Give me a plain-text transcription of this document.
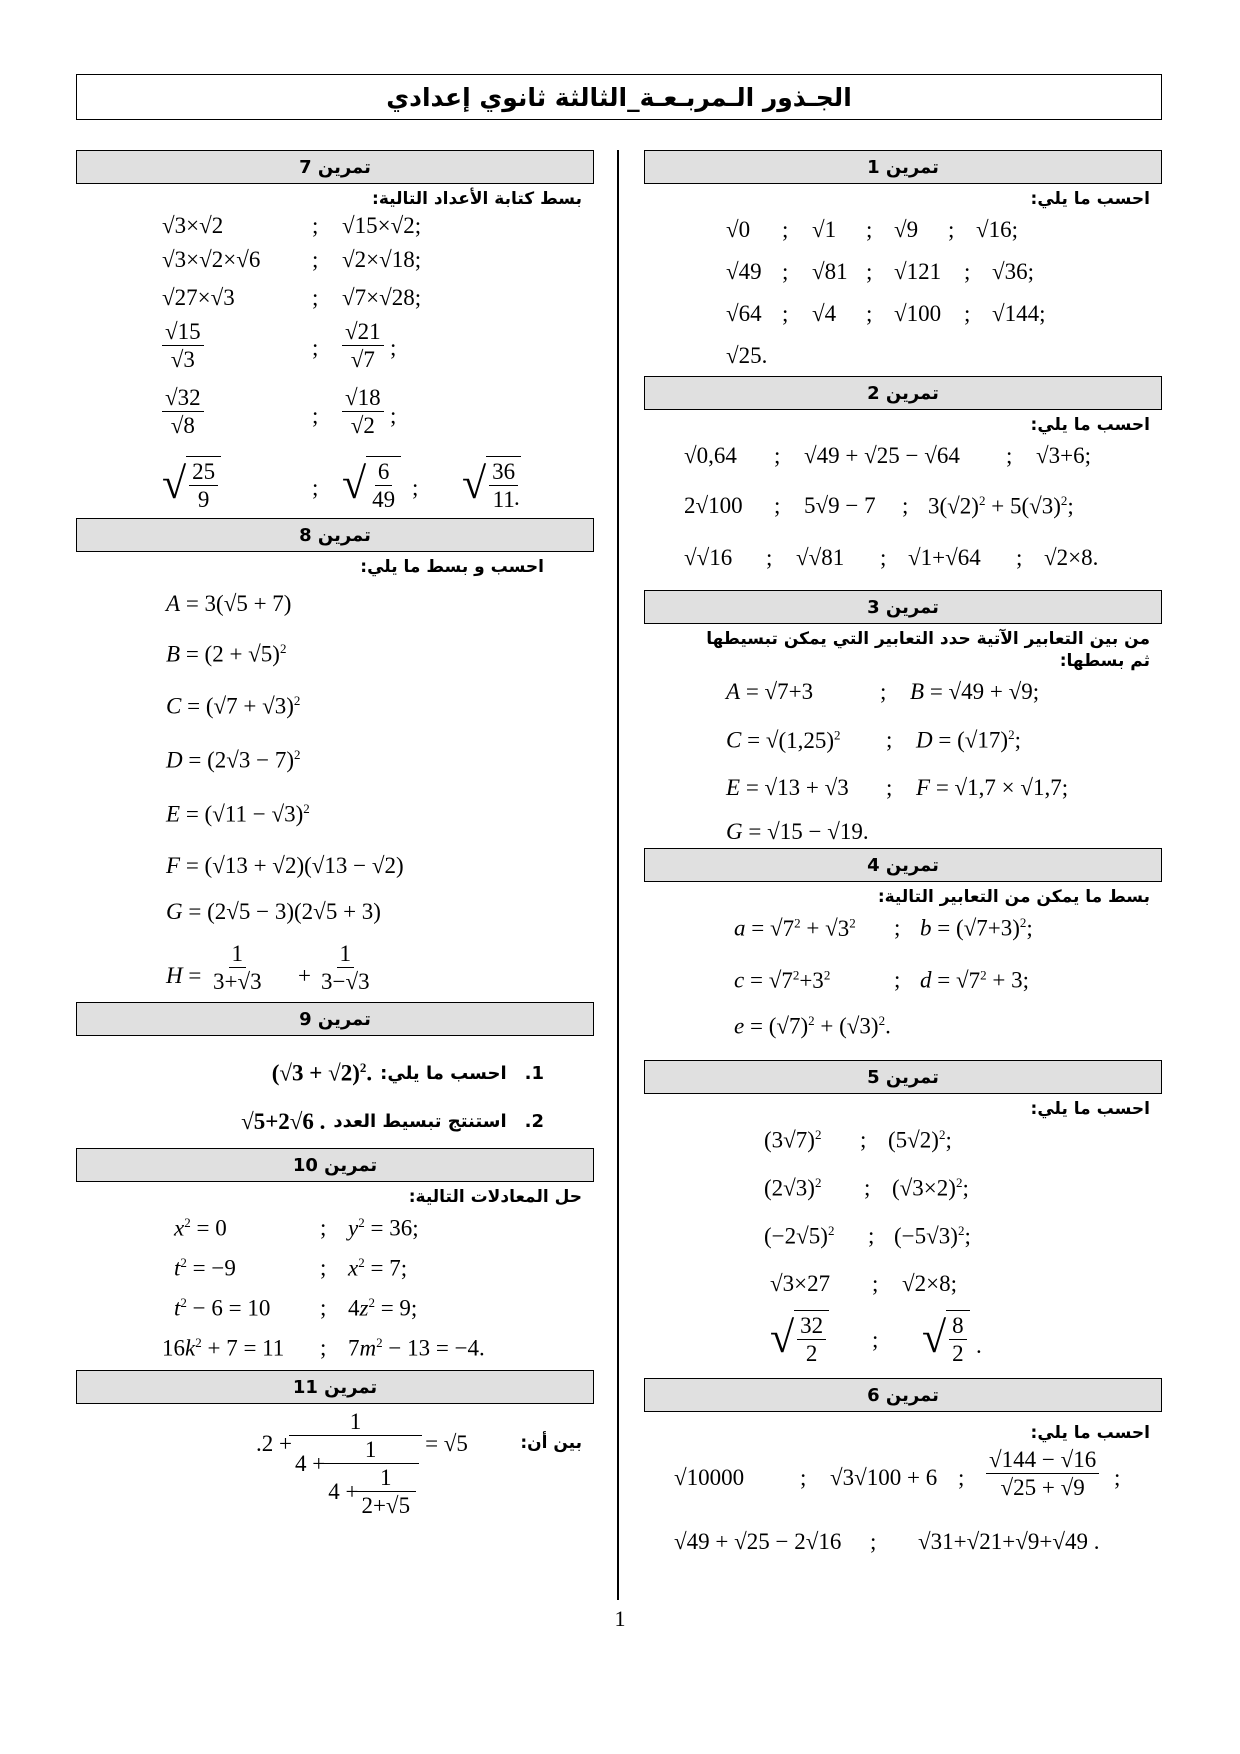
الجـذور الـمربـعـة_الثالثة ثانوي إعدادي
1
تمرين 1
احسب ما يلي:
√0 ; √1 ; √9 ; √16;
√49 ; √81 ; √121 ; √36;
√64 ; √4 ; √100 ; √144;
√25.
تمرين 2
احسب ما يلي:
√0,64 ; √49 + √25 − √64 ; √3+6;
2√100 ; 5√9 − 7 ; $3(√2)^2 + 5(√3)^2$;
√√16 ; √√81 ; √1+√64 ; √2×8.
تمرين 3
من بين التعابير الآتية حدد التعابير التي يمكن تبسيطها ثم بسطها:
A = √7+3	; B = √49 + √9;
$C = √(1,25)^2$ ; $D = (√17)^2$;
E = √13 + √3 ; F = √1,7 × √1,7;
G = √15 − √19.
تمرين 4
بسط ما يمكن من التعابير التالية:
$a = √7^2 + √3^2$ ; $b = (√7+3)^2$;
$c = √7^2+3^2$	; $d = √7^2 + 3$;
$e = (√7)^2 + (√3)^2$.
تمرين 5
احسب ما يلي:
$(3√7)^2$ ; $(5√2)^2$;
$(2√3)^2$ ; $(√3\times 2)^2$;
$(-2√5)^2$ ; $(-5√3)^2$;
√3×27 ; √2×8;
√ $\frac{32}{2}$ ; √ $\frac{8}{2}$ .
تمرين 6
احسب ما يلي:
√10000 ; √3√100 + 6 ; $\frac{√144 - √16}{√25 + √9}$ ;
√49 + √25 − 2√16 ; √31+√21+√9+√49 .
تمرين 7
بسط كتابة الأعداد التالية:
√3×√2	; √15×√2;
√3×√2×√6 ; √2×√18;
√27×√3	; √7×√28;
$\frac{√15}{√3}$	; $\frac{√21}{√7}$ ;
$\frac{√32}{√8}$	; $\frac{√18}{√2}$ ;
√ $\frac{25}{9}$	; √ $\frac{6}{49}$ ; √ $\frac{36}{11}$
.
تمرين 8
احسب و بسط ما يلي:
A = 3(√5 + 7)
$B = (2 + √5)^2$
$C = (√7 + √3)^2$
$D = (2√3 - 7)^2$
$E = (√11 - √3)^2$
F = (√13 + √2)(√13 − √2)
G = (2√5 − 3)(2√5 + 3)
$H = \frac{1}{3+√3} + \frac{1}{3-√3}$
تمرين 9
1.
احسب ما يلي:
$(√3 + √2)^2$.
2.
استنتج تبسيط العدد
√5+2√6 .
تمرين 10
حل المعادلات التالية:
$x^2 = 0$	; $y^2 = 36$;
$t^2 = -9$	; $x^2 = 7$;
$t^2 - 6 = 10$ ; $4z^2 = 9$;
$16k^2 + 7 = 11$ ; $7m^2 - 13 = -4$.
تمرين 11
بين أن:
.2 +
1
$4 + \frac{1}{4 + \frac{1}{2+√5}} = √5$
